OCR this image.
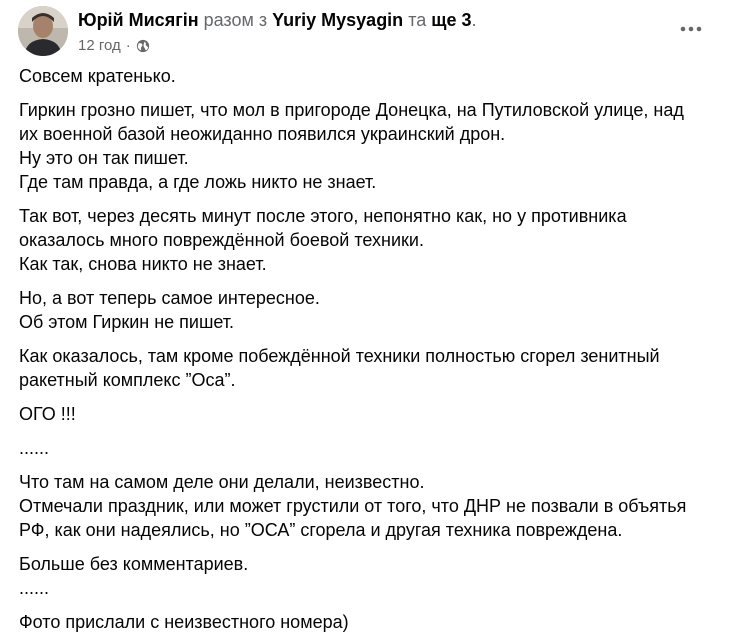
Юрій Мисягін разом з Yuriy Mysyagin та ще 3.
12 год ·

Совсем кратенько.

Гиркин грозно пишет, что мол в пригороде Донецка, на Путиловской улице, над
их военной базой неожиданно появился украинский дрон.
Ну это он так пишет.
Где там правда, а где ложь никто не знает.

Так вот, через десять минут после этого, непонятно как, но у противника
оказалось много повреждённой боевой техники.
Как так, снова никто не знает.

Но, а вот теперь самое интересное.
Об этом Гиркин не пишет.

Как оказалось, там кроме побеждённой техники полностью сгорел зенитный
ракетный комплекс ”Оса”.

ОГО !!!

......

Что там на самом деле они делали, неизвестно.
Отмечали праздник, или может грустили от того, что ДНР не позвали в объятья
РФ, как они надеялись, но ”ОСА” сгорела и другая техника повреждена.

Больше без комментариев.
......

Фото прислали с неизвестного номера)
